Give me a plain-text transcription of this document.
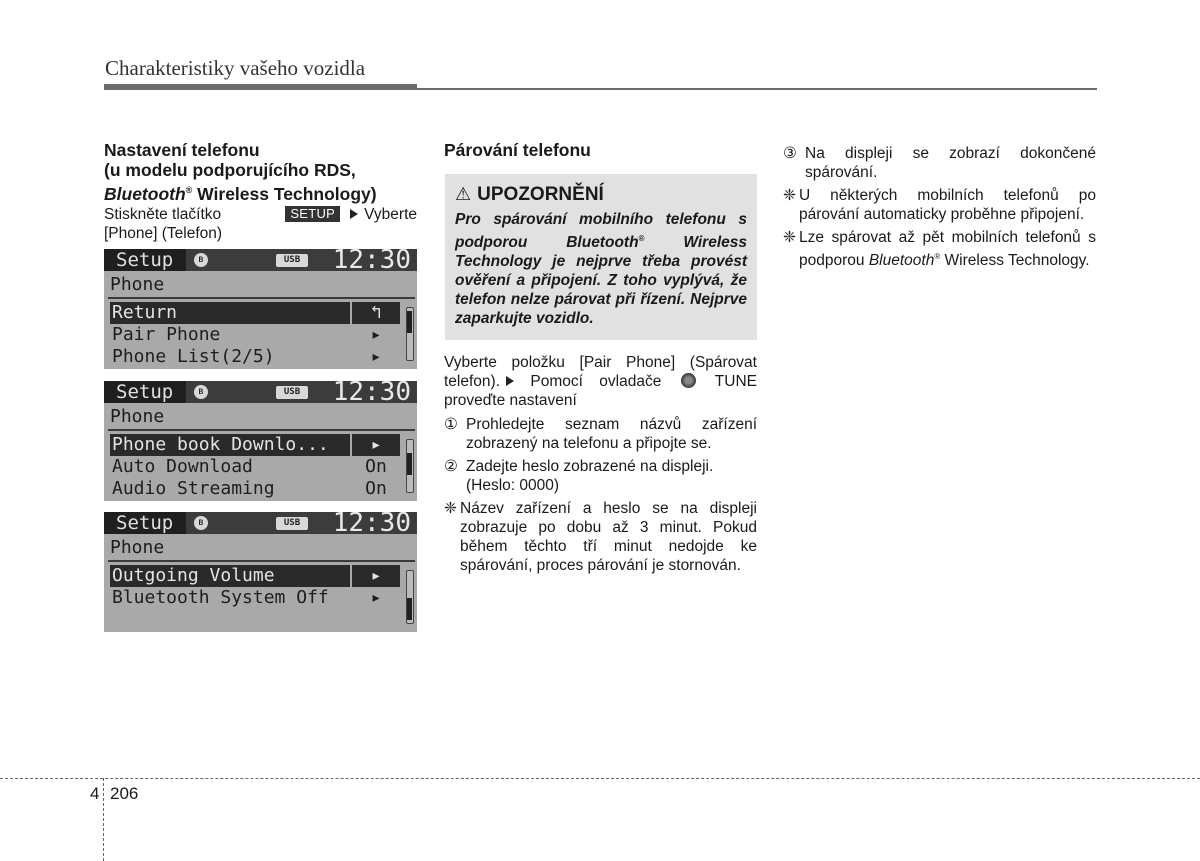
Charakteristiky vašeho vozidla
Nastavení telefonu
(u modelu podporujícího RDS,
Bluetooth® Wireless Technology)
Stiskněte tlačítko	SETUP Vyberte
[Phone] (Telefon)
Setup	ʙ	USB	12:30
Phone
Return	↰
Pair Phone	▸
Phone List(2/5)	▸
Setup	ʙ	USB	12:30
Phone
Phone book Downlo...	▸
Auto Download	On
Audio Streaming	On
Setup	ʙ	USB	12:30
Phone
Outgoing Volume	▸
Bluetooth System Off	▸
Párování telefonu
⚠ UPOZORNĚNÍ
Pro spárování mobilního telefonu s podporou Bluetooth® Wireless Technology je nejprve třeba provést ověření a připojení. Z toho vyplývá, že telefon nelze párovat při řízení. Nejprve zaparkujte vozidlo.
Vyberte položku [Pair Phone] (Spárovat telefon). Pomocí ovladače  TUNE proveďte nastavení
① Prohledejte seznam názvů zařízení zobrazený na telefonu a připojte se.
② Zadejte heslo zobrazené na displeji. (Heslo: 0000)
❈ Název zařízení a heslo se na displeji zobrazuje po dobu až 3 minut. Pokud během těchto tří minut nedojde ke spárování, proces párování je stornován.
③ Na displeji se zobrazí dokončené spárování.
❈ U některých mobilních telefonů po párování automaticky proběhne připojení.
❈ Lze spárovat až pět mobilních telefonů s podporou Bluetooth® Wireless Technology.
4 206
